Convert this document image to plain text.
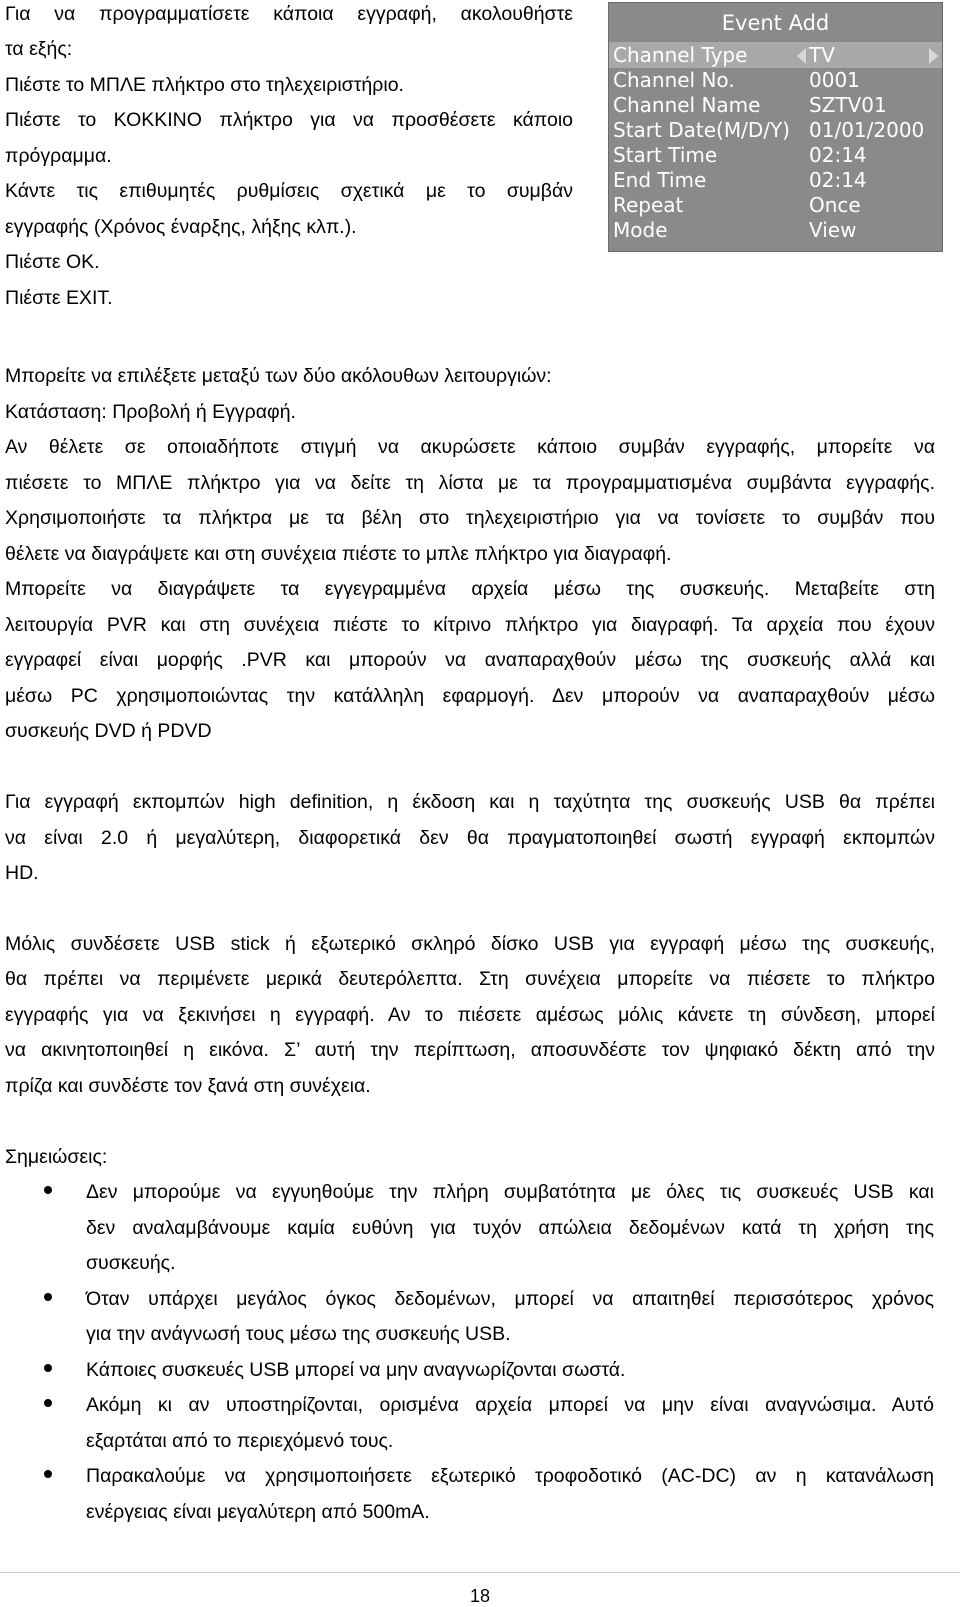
Για να προγραμματίσετε κάποια εγγραφή, ακολουθήστε
τα εξής:
Πιέστε το ΜΠΛΕ πλήκτρο στο τηλεχειριστήριο.
Πιέστε το ΚΟΚΚΙΝΟ πλήκτρο για να προσθέσετε κάποιο
πρόγραμμα.
Κάντε τις επιθυμητές ρυθμίσεις σχετικά με το συμβάν
εγγραφής (Χρόνος έναρξης, λήξης κλπ.).
Πιέστε OK.
Πιέστε EXIT.
Event Add
Channel Type	TV
Channel No.	0001
Channel Name SZTV01
Start Date(M/D/Y) 01/01/2000
Start Time	02:14
End Time	02:14
Repeat	Once
Mode	View
Μπορείτε να επιλέξετε μεταξύ των δύο ακόλουθων λειτουργιών:
Κατάσταση: Προβολή ή Εγγραφή.
Αν θέλετε σε οποιαδήποτε στιγμή να ακυρώσετε κάποιο συμβάν εγγραφής, μπορείτε να
πιέσετε το ΜΠΛΕ πλήκτρο για να δείτε τη λίστα με τα προγραμματισμένα συμβάντα εγγραφής.
Χρησιμοποιήστε τα πλήκτρα με τα βέλη στο τηλεχειριστήριο για να τονίσετε το συμβάν που
θέλετε να διαγράψετε και στη συνέχεια πιέστε το μπλε πλήκτρο για διαγραφή.
Μπορείτε να διαγράψετε τα εγγεγραμμένα αρχεία μέσω της συσκευής. Μεταβείτε στη
λειτουργία PVR και στη συνέχεια πιέστε το κίτρινο πλήκτρο για διαγραφή. Τα αρχεία που έχουν
εγγραφεί είναι μορφής .PVR και μπορούν να αναπαραχθούν μέσω της συσκευής αλλά και
μέσω PC χρησιμοποιώντας την κατάλληλη εφαρμογή. Δεν μπορούν να αναπαραχθούν μέσω
συσκευής DVD ή PDVD
Για εγγραφή εκπομπών high definition, η έκδοση και η ταχύτητα της συσκευής USB θα πρέπει
να είναι 2.0 ή μεγαλύτερη, διαφορετικά δεν θα πραγματοποιηθεί σωστή εγγραφή εκπομπών
HD.
Μόλις συνδέσετε USB stick ή εξωτερικό σκληρό δίσκο USB για εγγραφή μέσω της συσκευής,
θα πρέπει να περιμένετε μερικά δευτερόλεπτα. Στη συνέχεια μπορείτε να πιέσετε το πλήκτρο
εγγραφής για να ξεκινήσει η εγγραφή. Αν το πιέσετε αμέσως μόλις κάνετε τη σύνδεση, μπορεί
να ακινητοποιηθεί η εικόνα. Σ’ αυτή την περίπτωση, αποσυνδέστε τον ψηφιακό δέκτη από την
πρίζα και συνδέστε τον ξανά στη συνέχεια.
Σημειώσεις:
Δεν μπορούμε να εγγυηθούμε την πλήρη συμβατότητα με όλες τις συσκευές USB και
δεν αναλαμβάνουμε καμία ευθύνη για τυχόν απώλεια δεδομένων κατά τη χρήση της
συσκευής.
Όταν υπάρχει μεγάλος όγκος δεδομένων, μπορεί να απαιτηθεί περισσότερος χρόνος
για την ανάγνωσή τους μέσω της συσκευής USB.
Κάποιες συσκευές USB μπορεί να μην αναγνωρίζονται σωστά.
Ακόμη κι αν υποστηρίζονται, ορισμένα αρχεία μπορεί να μην είναι αναγνώσιμα. Αυτό
εξαρτάται από το περιεχόμενό τους.
Παρακαλούμε να χρησιμοποιήσετε εξωτερικό τροφοδοτικό (AC-DC) αν η κατανάλωση
ενέργειας είναι μεγαλύτερη από 500mA.
18
